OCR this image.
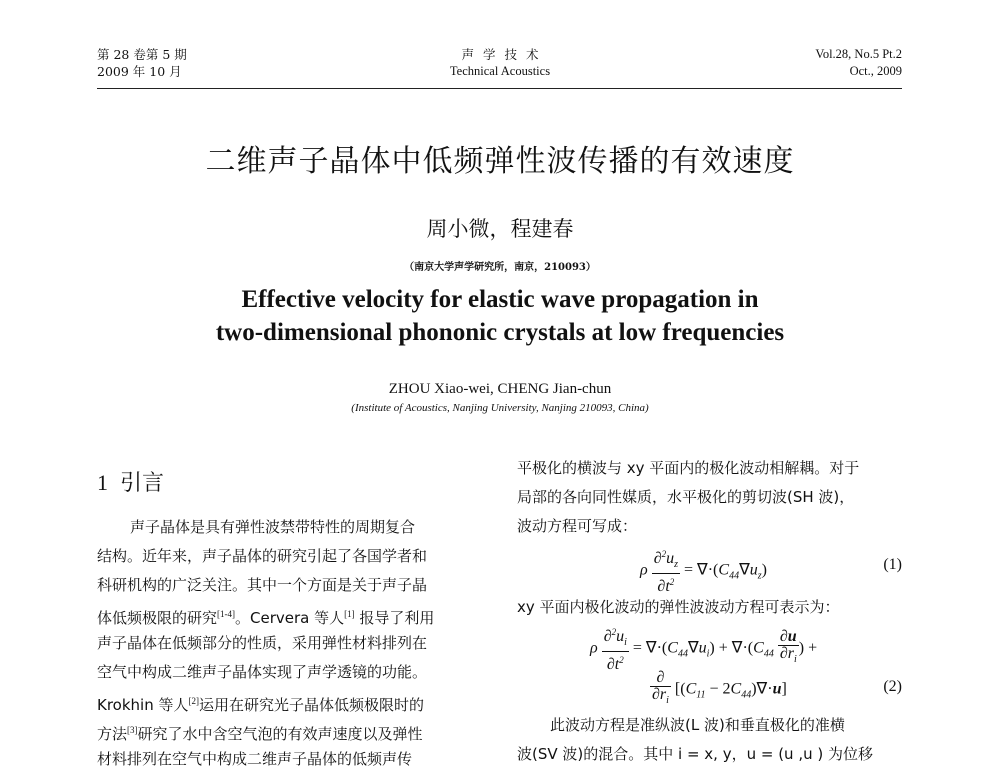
第 28 卷第 5 期
2009 年 10 月
声学技术
Technical Acoustics
Vol.28, No.5 Pt.2
Oct., 2009
二维声子晶体中低频弹性波传播的有效速度
周小微，程建春
（南京大学声学研究所，南京，210093）
Effective velocity for elastic wave propagation in
two-dimensional phononic crystals at low frequencies
ZHOU Xiao-wei, CHENG Jian-chun
(Institute of Acoustics, Nanjing University, Nanjing 210093, China)
1 引言
声子晶体是具有弹性波禁带特性的周期复合
结构。近年来，声子晶体的研究引起了各国学者和
科研机构的广泛关注。其中一个方面是关于声子晶
体低频极限的研究[1-4]。Cervera 等人[1] 报导了利用
声子晶体在低频部分的性质，采用弹性材料排列在
空气中构成二维声子晶体实现了声学透镜的功能。
Krokhin 等人[2]运用在研究光子晶体低频极限时的
方法[3]研究了水中含空气泡的有效声速度以及弹性
材料排列在空气中构成二维声子晶体的低频声传
平极化的横波与 xy 平面内的极化波动相解耦。对于
局部的各向同性媒质，水平极化的剪切波(SH 波)，
波动方程可写成：
ρ $\frac{\partial^2u_z}{\partial t^2} = \nabla\cdot(C_{44}\nabla u_z)$	(1)
xy 平面内极化波动的弹性波波动方程可表示为：
ρ $\frac{\partial^2u_i}{\partial t^2} = \nabla\cdot(C_{44}\nabla u_i) + \nabla\cdot(C_{44} \frac{\partial u}{\partial r_i}$ ) +
$\frac{\partial}{\partial r_i} [(C_{11} - 2C_{44})\nabla\cdot u]$	(2)
此波动方程是准纵波(L 波)和垂直极化的准横
波(SV 波)的混合。其中 i = x, y，u = (u ,u ) 为位移
